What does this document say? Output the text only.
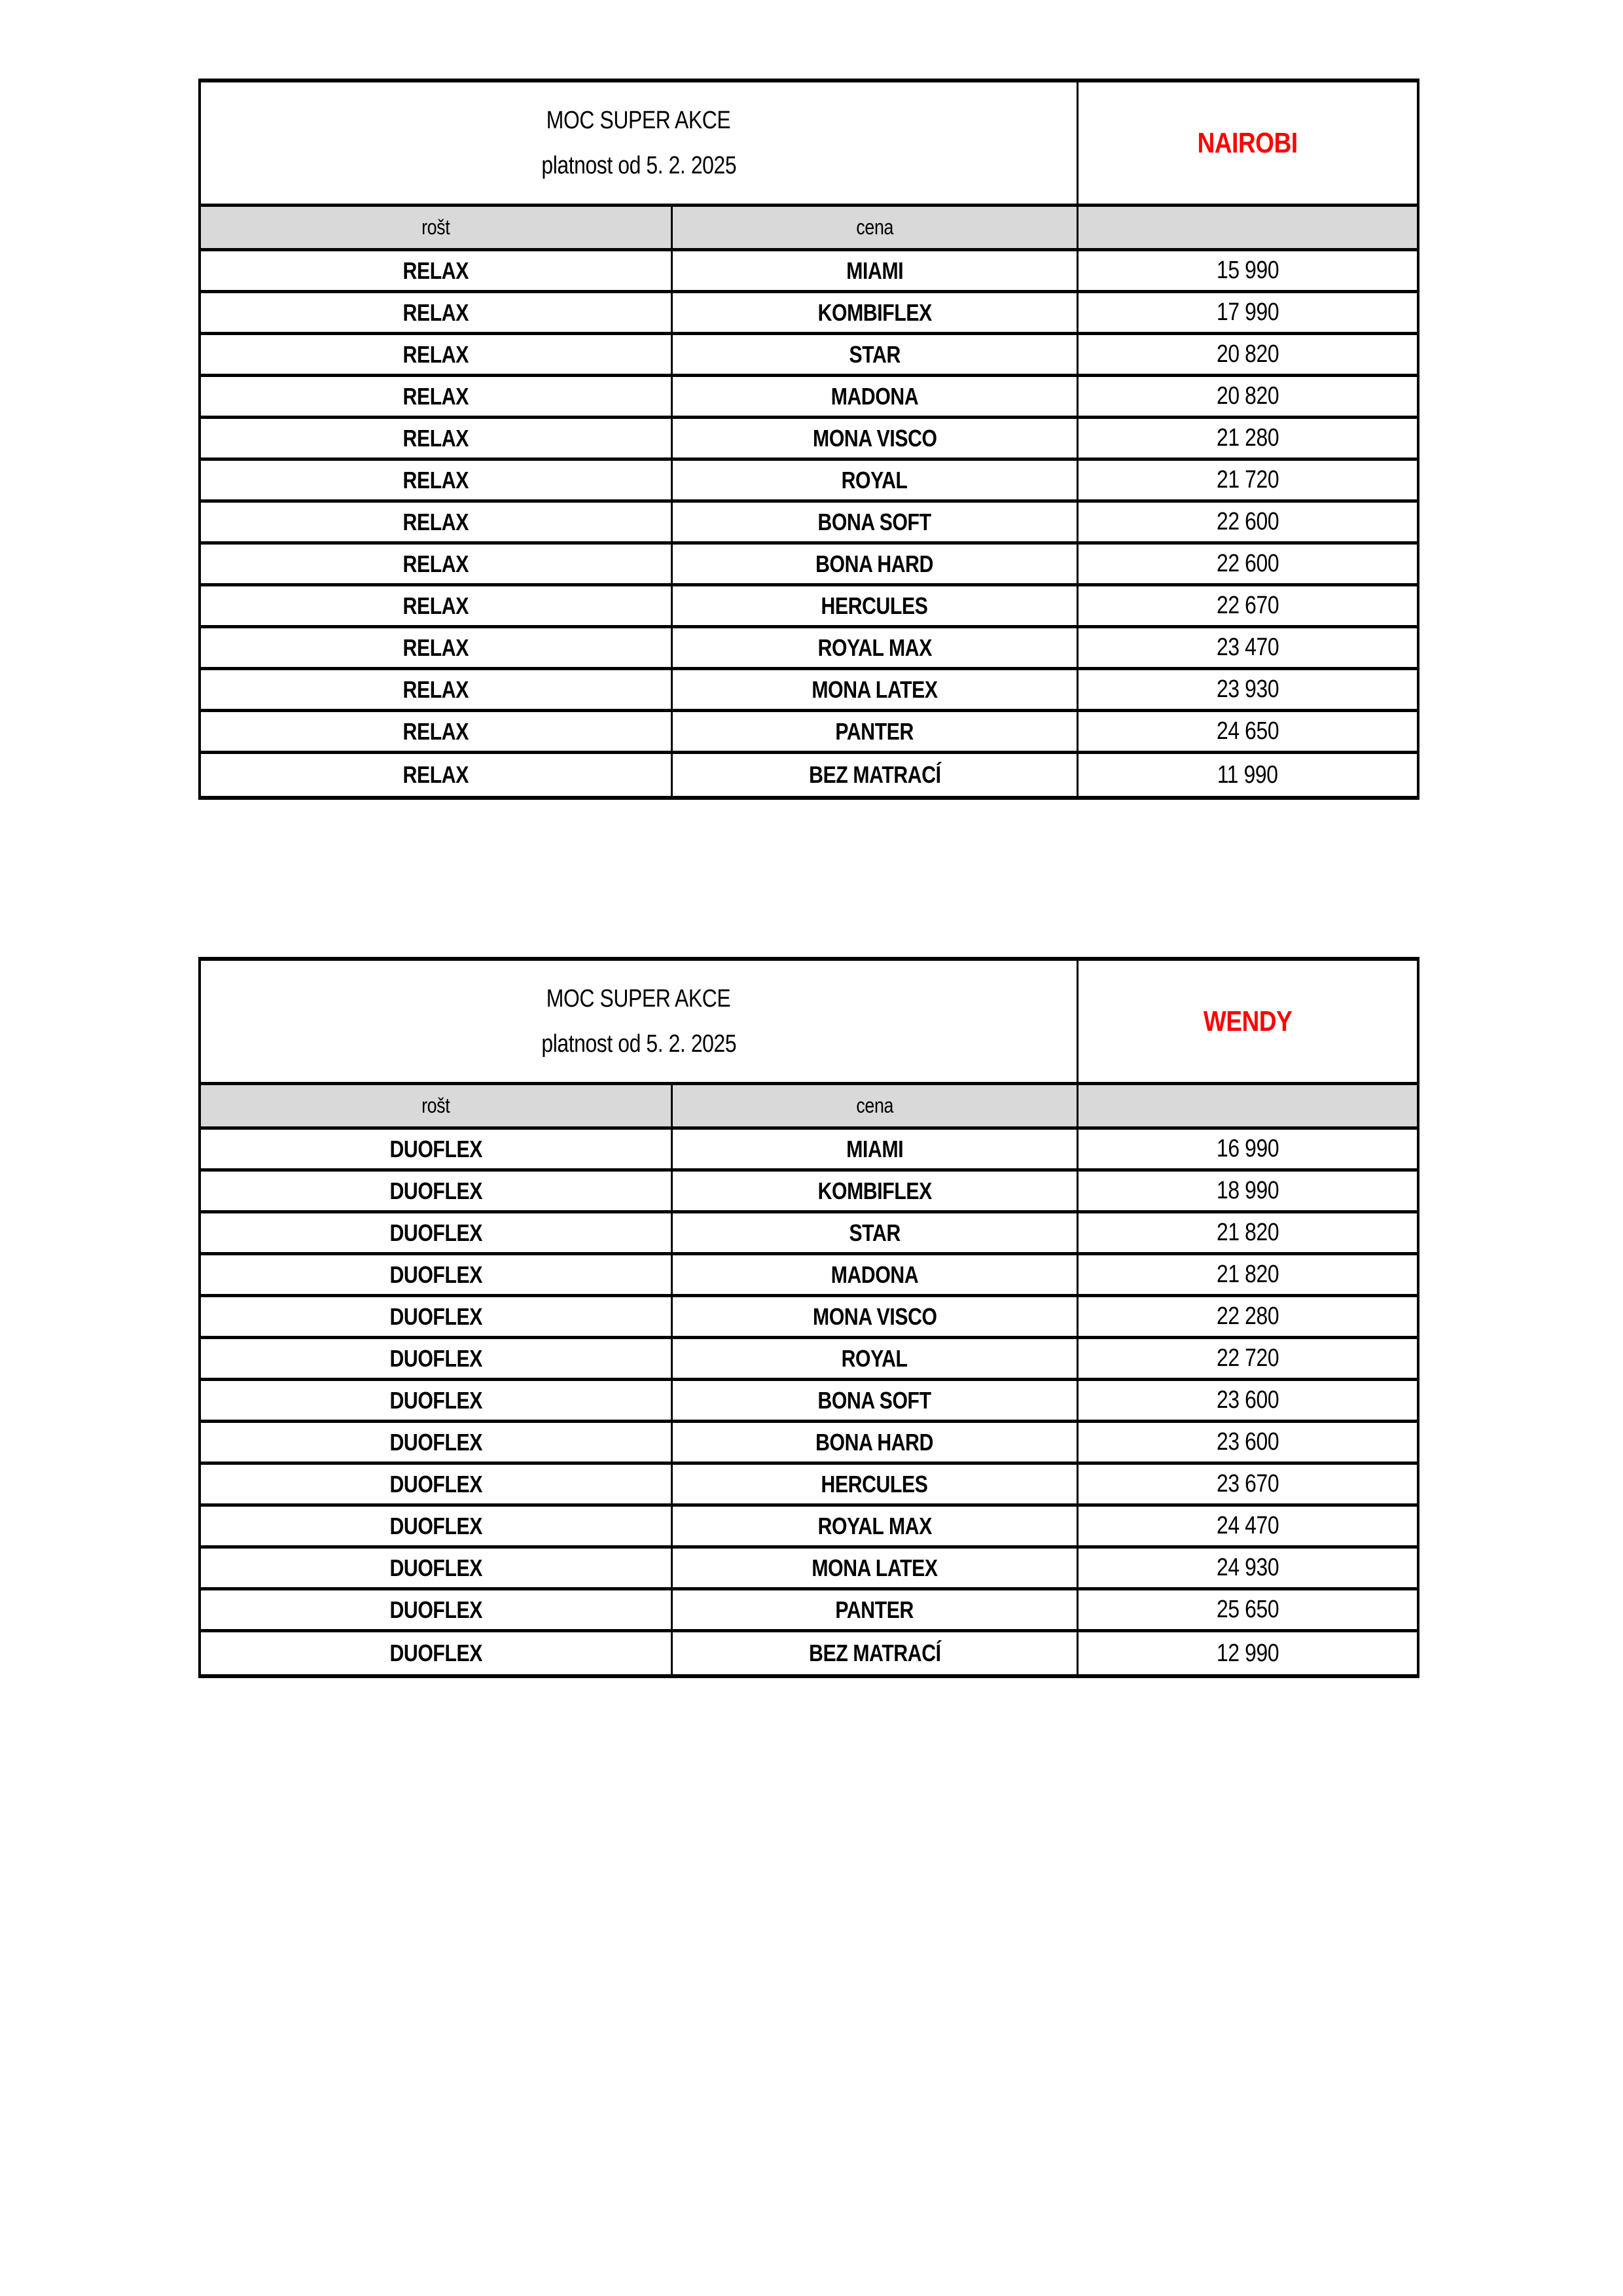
MOC SUPER AKCE
platnost od 5. 2. 2025
NAIROBI
rošt	cena
RELAX	MIAMI	15 990
RELAX	KOMBIFLEX	17 990
RELAX	STAR	20 820
RELAX	MADONA	20 820
RELAX	MONA VISCO	21 280
RELAX	ROYAL	21 720
RELAX	BONA SOFT	22 600
RELAX	BONA HARD	22 600
RELAX	HERCULES	22 670
RELAX	ROYAL MAX	23 470
RELAX	MONA LATEX	23 930
RELAX	PANTER	24 650
RELAX	BEZ MATRACÍ	11 990
MOC SUPER AKCE
platnost od 5. 2. 2025
WENDY
rošt	cena
DUOFLEX	MIAMI	16 990
DUOFLEX	KOMBIFLEX	18 990
DUOFLEX	STAR	21 820
DUOFLEX	MADONA	21 820
DUOFLEX	MONA VISCO	22 280
DUOFLEX	ROYAL	22 720
DUOFLEX	BONA SOFT	23 600
DUOFLEX	BONA HARD	23 600
DUOFLEX	HERCULES	23 670
DUOFLEX	ROYAL MAX	24 470
DUOFLEX	MONA LATEX	24 930
DUOFLEX	PANTER	25 650
DUOFLEX	BEZ MATRACÍ	12 990
